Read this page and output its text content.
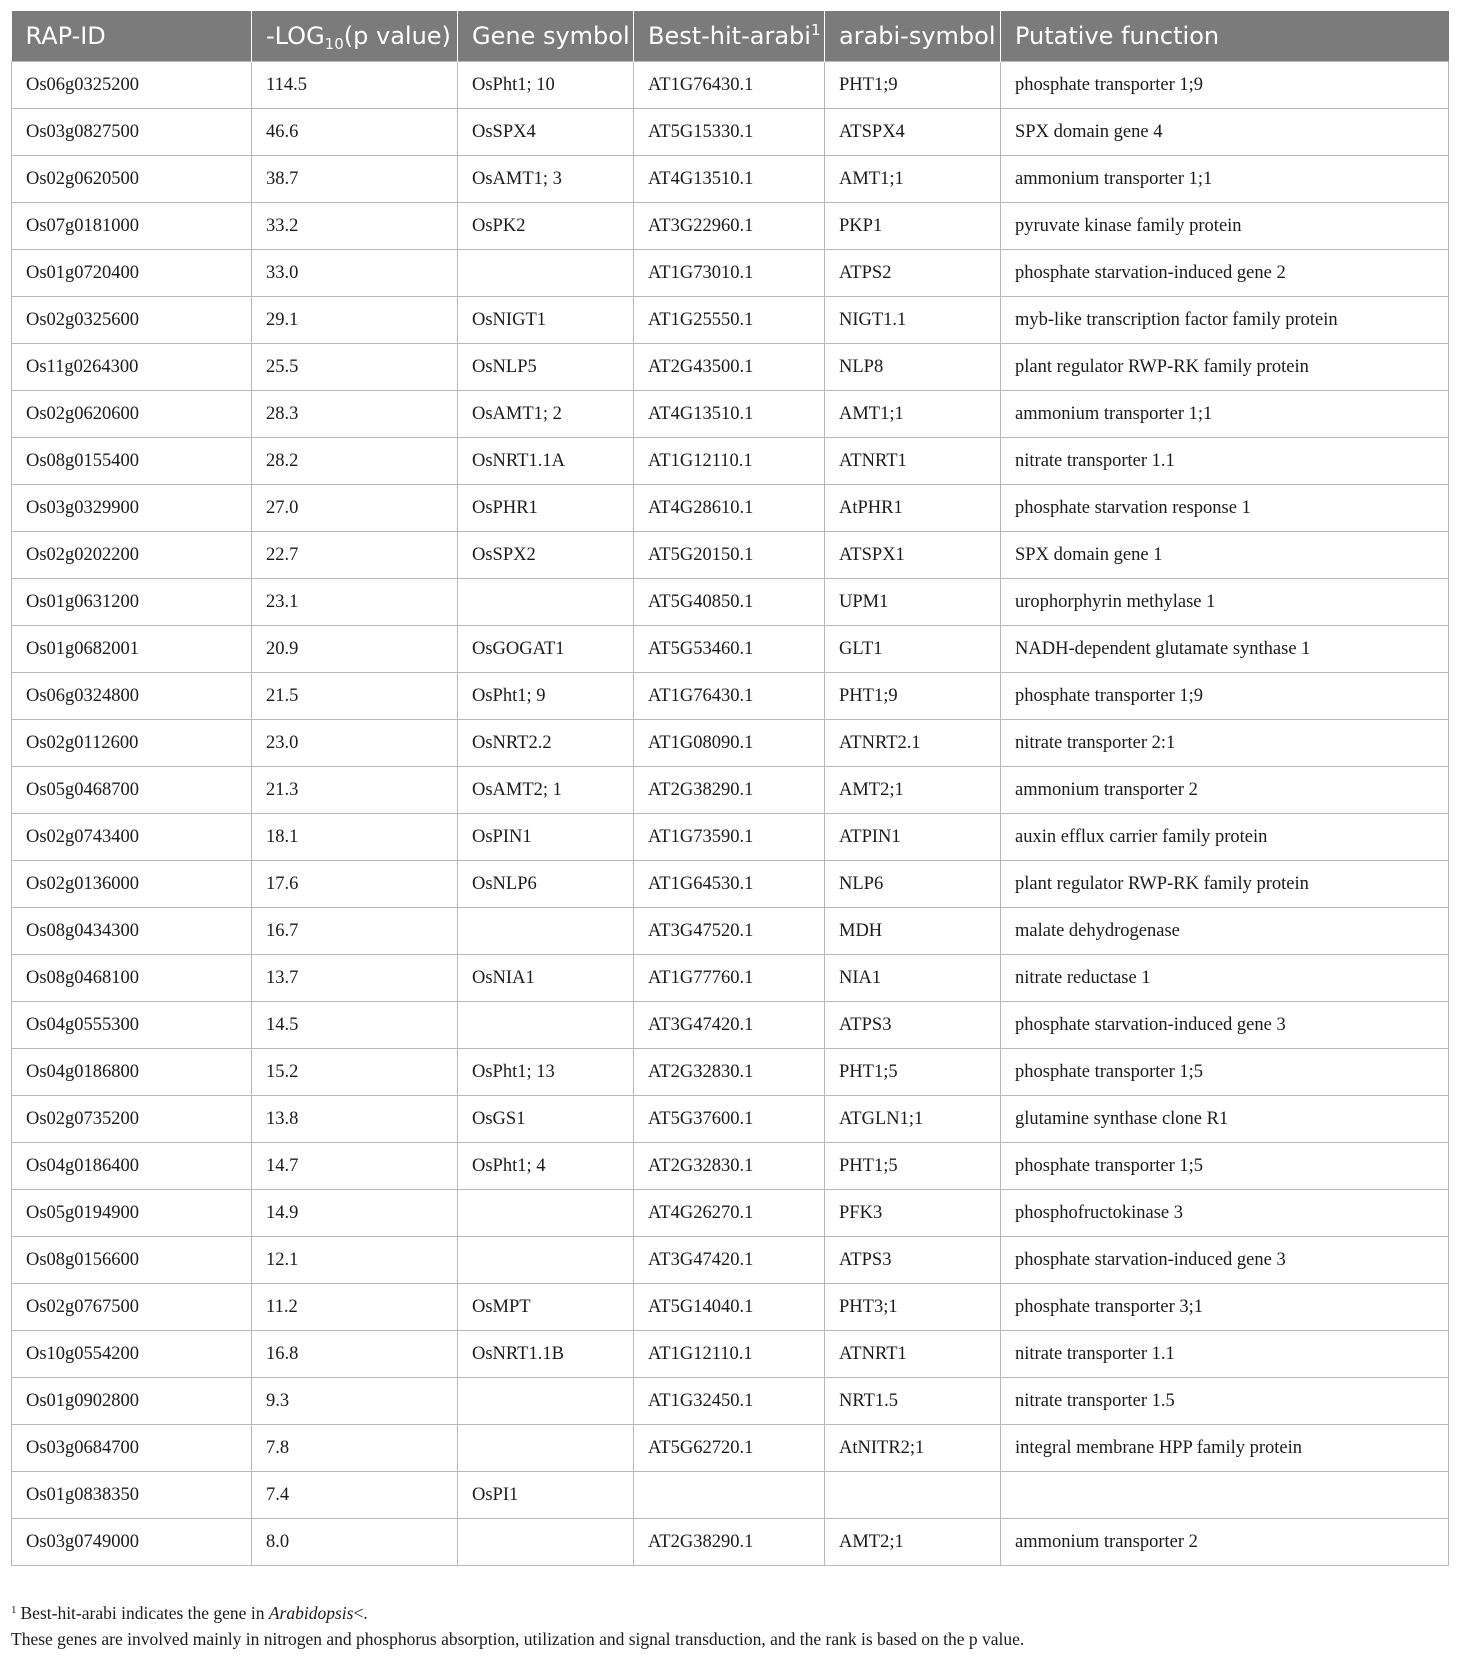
RAP-ID	$-LOG_{10}(p$ value)	Gene symbol	Best-hit-arabi$^1$	arabi-symbol	Putative function
Os06g0325200	114.5	OsPht1; 10	AT1G76430.1	PHT1;9	phosphate transporter 1;9
Os03g0827500	46.6	OsSPX4	AT5G15330.1	ATSPX4	SPX domain gene 4
Os02g0620500	38.7	OsAMT1; 3	AT4G13510.1	AMT1;1	ammonium transporter 1;1
Os07g0181000	33.2	OsPK2	AT3G22960.1	PKP1	pyruvate kinase family protein
Os01g0720400	33.0		AT1G73010.1	ATPS2	phosphate starvation-induced gene 2
Os02g0325600	29.1	OsNIGT1	AT1G25550.1	NIGT1.1	myb-like transcription factor family protein
Os11g0264300	25.5	OsNLP5	AT2G43500.1	NLP8	plant regulator RWP-RK family protein
Os02g0620600	28.3	OsAMT1; 2	AT4G13510.1	AMT1;1	ammonium transporter 1;1
Os08g0155400	28.2	OsNRT1.1A	AT1G12110.1	ATNRT1	nitrate transporter 1.1
Os03g0329900	27.0	OsPHR1	AT4G28610.1	AtPHR1	phosphate starvation response 1
Os02g0202200	22.7	OsSPX2	AT5G20150.1	ATSPX1	SPX domain gene 1
Os01g0631200	23.1		AT5G40850.1	UPM1	urophorphyrin methylase 1
Os01g0682001	20.9	OsGOGAT1	AT5G53460.1	GLT1	NADH-dependent glutamate synthase 1
Os06g0324800	21.5	OsPht1; 9	AT1G76430.1	PHT1;9	phosphate transporter 1;9
Os02g0112600	23.0	OsNRT2.2	AT1G08090.1	ATNRT2.1	nitrate transporter 2:1
Os05g0468700	21.3	OsAMT2; 1	AT2G38290.1	AMT2;1	ammonium transporter 2
Os02g0743400	18.1	OsPIN1	AT1G73590.1	ATPIN1	auxin efflux carrier family protein
Os02g0136000	17.6	OsNLP6	AT1G64530.1	NLP6	plant regulator RWP-RK family protein
Os08g0434300	16.7		AT3G47520.1	MDH	malate dehydrogenase
Os08g0468100	13.7	OsNIA1	AT1G77760.1	NIA1	nitrate reductase 1
Os04g0555300	14.5		AT3G47420.1	ATPS3	phosphate starvation-induced gene 3
Os04g0186800	15.2	OsPht1; 13	AT2G32830.1	PHT1;5	phosphate transporter 1;5
Os02g0735200	13.8	OsGS1	AT5G37600.1	ATGLN1;1	glutamine synthase clone R1
Os04g0186400	14.7	OsPht1; 4	AT2G32830.1	PHT1;5	phosphate transporter 1;5
Os05g0194900	14.9		AT4G26270.1	PFK3	phosphofructokinase 3
Os08g0156600	12.1		AT3G47420.1	ATPS3	phosphate starvation-induced gene 3
Os02g0767500	11.2	OsMPT	AT5G14040.1	PHT3;1	phosphate transporter 3;1
Os10g0554200	16.8	OsNRT1.1B	AT1G12110.1	ATNRT1	nitrate transporter 1.1
Os01g0902800	9.3		AT1G32450.1	NRT1.5	nitrate transporter 1.5
Os03g0684700	7.8		AT5G62720.1	AtNITR2;1	integral membrane HPP family protein
Os01g0838350	7.4	OsPI1			
Os03g0749000	8.0		AT2G38290.1	AMT2;1	ammonium transporter 2
$^1$ Best-hit-arabi indicates the gene in Arabidopsis<.
These genes are involved mainly in nitrogen and phosphorus absorption, utilization and signal transduction, and the rank is based on the p value.
